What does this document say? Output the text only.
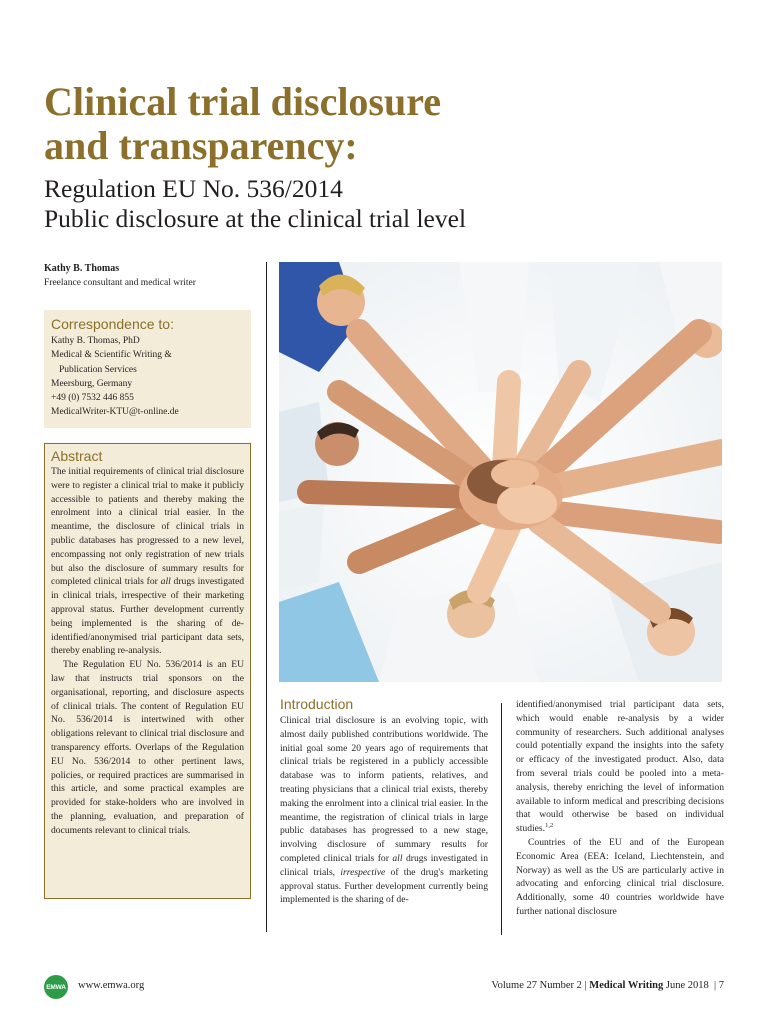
Clinical trial disclosure
and transparency:
Regulation EU No. 536/2014
Public disclosure at the clinical trial level
Kathy B. Thomas
Freelance consultant and medical writer
Correspondence to:
Kathy B. Thomas, PhD
Medical & Scientific Writing &
Publication Services
Meersburg, Germany
+49 (0) 7532 446 855
MedicalWriter-KTU@t-online.de
Abstract

The initial requirements of clinical trial disclosure were to register a clinical trial to make it publicly accessible to patients and thereby making the enrolment into a clinical trial easier. In the meantime, the disclosure of clinical trials in public databases has progressed to a new level, encompassing not only registration of new trials but also the disclosure of summary results for completed clinical trials for all drugs investigated in clinical trials, irrespective of their marketing approval status. Further development currently being implemented is the sharing of de-identified/anonymised trial participant data sets, thereby enabling re-analysis.

The Regulation EU No. 536/2014 is an EU law that instructs trial sponsors on the organisational, reporting, and disclosure aspects of clinical trials. The content of Regulation EU No. 536/2014 is intertwined with other obligations relevant to clinical trial disclosure and transparency efforts. Overlaps of the Regulation EU No. 536/2014 to other pertinent laws, policies, or required practices are summarised in this article, and some practical examples are provided for stake-holders who are involved in the planning, evaluation, and preparation of documents relevant to clinical trials.

Introduction

Clinical trial disclosure is an evolving topic, with almost daily published contributions worldwide. The initial goal some 20 years ago of requirements that clinical trials be registered in a publicly accessible database was to inform patients, relatives, and treating physicians that a clinical trial exists, thereby making the enrolment into a clinical trial easier. In the meantime, the registration of clinical trials in large public databases has progressed to a new stage, involving disclosure of summary results for completed clinical trials for all drugs investigated in clinical trials, irrespective of the drug's marketing approval status. Further development currently being implemented is the sharing of de-

identified/anonymised trial participant data sets, which would enable re-analysis by a wider community of researchers. Such additional analyses could potentially expand the insights into the safety or efficacy of the investigated product. Also, data from several trials could be pooled into a meta-analysis, thereby enriching the level of information available to inform medical and prescribing decisions that would otherwise be based on individual studies.$^{1,2}$

Countries of the EU and of the European Economic Area (EEA: Iceland, Liechtenstein, and Norway) as well as the US are particularly active in advocating and enforcing clinical trial disclosure. Additionally, some 40 countries worldwide have further national disclosure

EMWA www.emwa.org	Volume 27 Number 2 | Medical Writing June 2018 | 7
